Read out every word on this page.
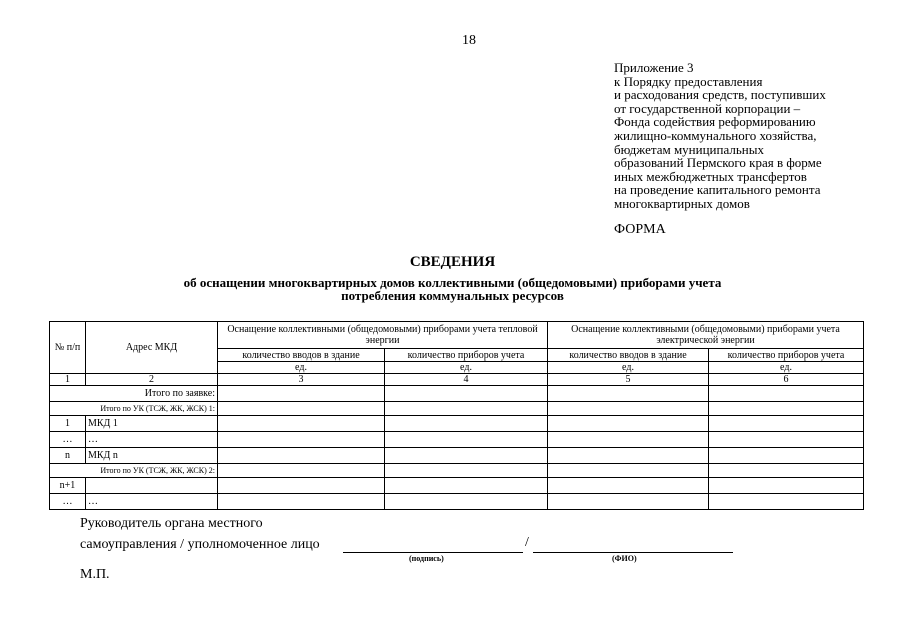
18
Приложение 3
к Порядку предоставления
и расходования средств, поступивших
от государственной корпорации –
Фонда содействия реформированию
жилищно-коммунального хозяйства,
бюджетам муниципальных
образований Пермского края в форме
иных межбюджетных трансфертов
на проведение капитального ремонта
многоквартирных домов
ФОРМА
СВЕДЕНИЯ
об оснащении многоквартирных домов коллективными (общедомовыми) приборами учета
потребления коммунальных ресурсов
№ п/п	Адрес МКД	Оснащение коллективными (общедомовыми) приборами учета тепловой энергии		Оснащение коллективными (общедомовыми) приборами учета электрической энергии	
		количество вводов в здание	количество приборов учета	количество вводов в здание	количество приборов учета
		ед.	ед.	ед.	ед.
1	2	3	4	5	6
Итого по заявке:					
Итого по УК (ТСЖ, ЖК, ЖСК) 1:					
1	МКД 1				
…	…				
n	МКД n				
Итого по УК (ТСЖ, ЖК, ЖСК) 2:					
n+1					
…	…				
Руководитель органа местного
самоуправления / уполномоченное лицо	/
(подпись)	(ФИО)
М.П.
